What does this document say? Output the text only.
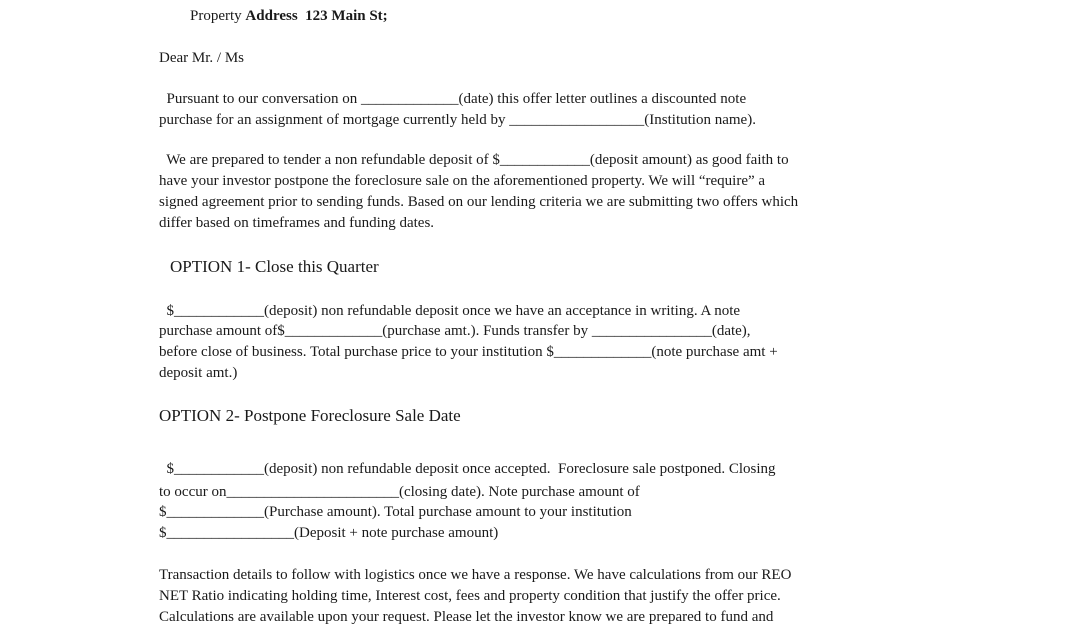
Property Address  123 Main St;
Dear Mr. / Ms
Pursuant to our conversation on _____________(date) this offer letter outlines a discounted note
purchase for an assignment of mortgage currently held by __________________(Institution name).
We are prepared to tender a non refundable deposit of $____________(deposit amount) as good faith to
have your investor postpone the foreclosure sale on the aforementioned property. We will “require” a
signed agreement prior to sending funds. Based on our lending criteria we are submitting two offers which
differ based on timeframes and funding dates.
OPTION 1- Close this Quarter
$____________(deposit) non refundable deposit once we have an acceptance in writing. A note
purchase amount of$_____________(purchase amt.). Funds transfer by ________________(date),
before close of business. Total purchase price to your institution $_____________(note purchase amt +
deposit amt.)
OPTION 2- Postpone Foreclosure Sale Date
$____________(deposit) non refundable deposit once accepted.  Foreclosure sale postponed. Closing
to occur on_______________________(closing date). Note purchase amount of
$_____________(Purchase amount). Total purchase amount to your institution
$_________________(Deposit + note purchase amount)
Transaction details to follow with logistics once we have a response. We have calculations from our REO
NET Ratio indicating holding time, Interest cost, fees and property condition that justify the offer price.
Calculations are available upon your request. Please let the investor know we are prepared to fund and
